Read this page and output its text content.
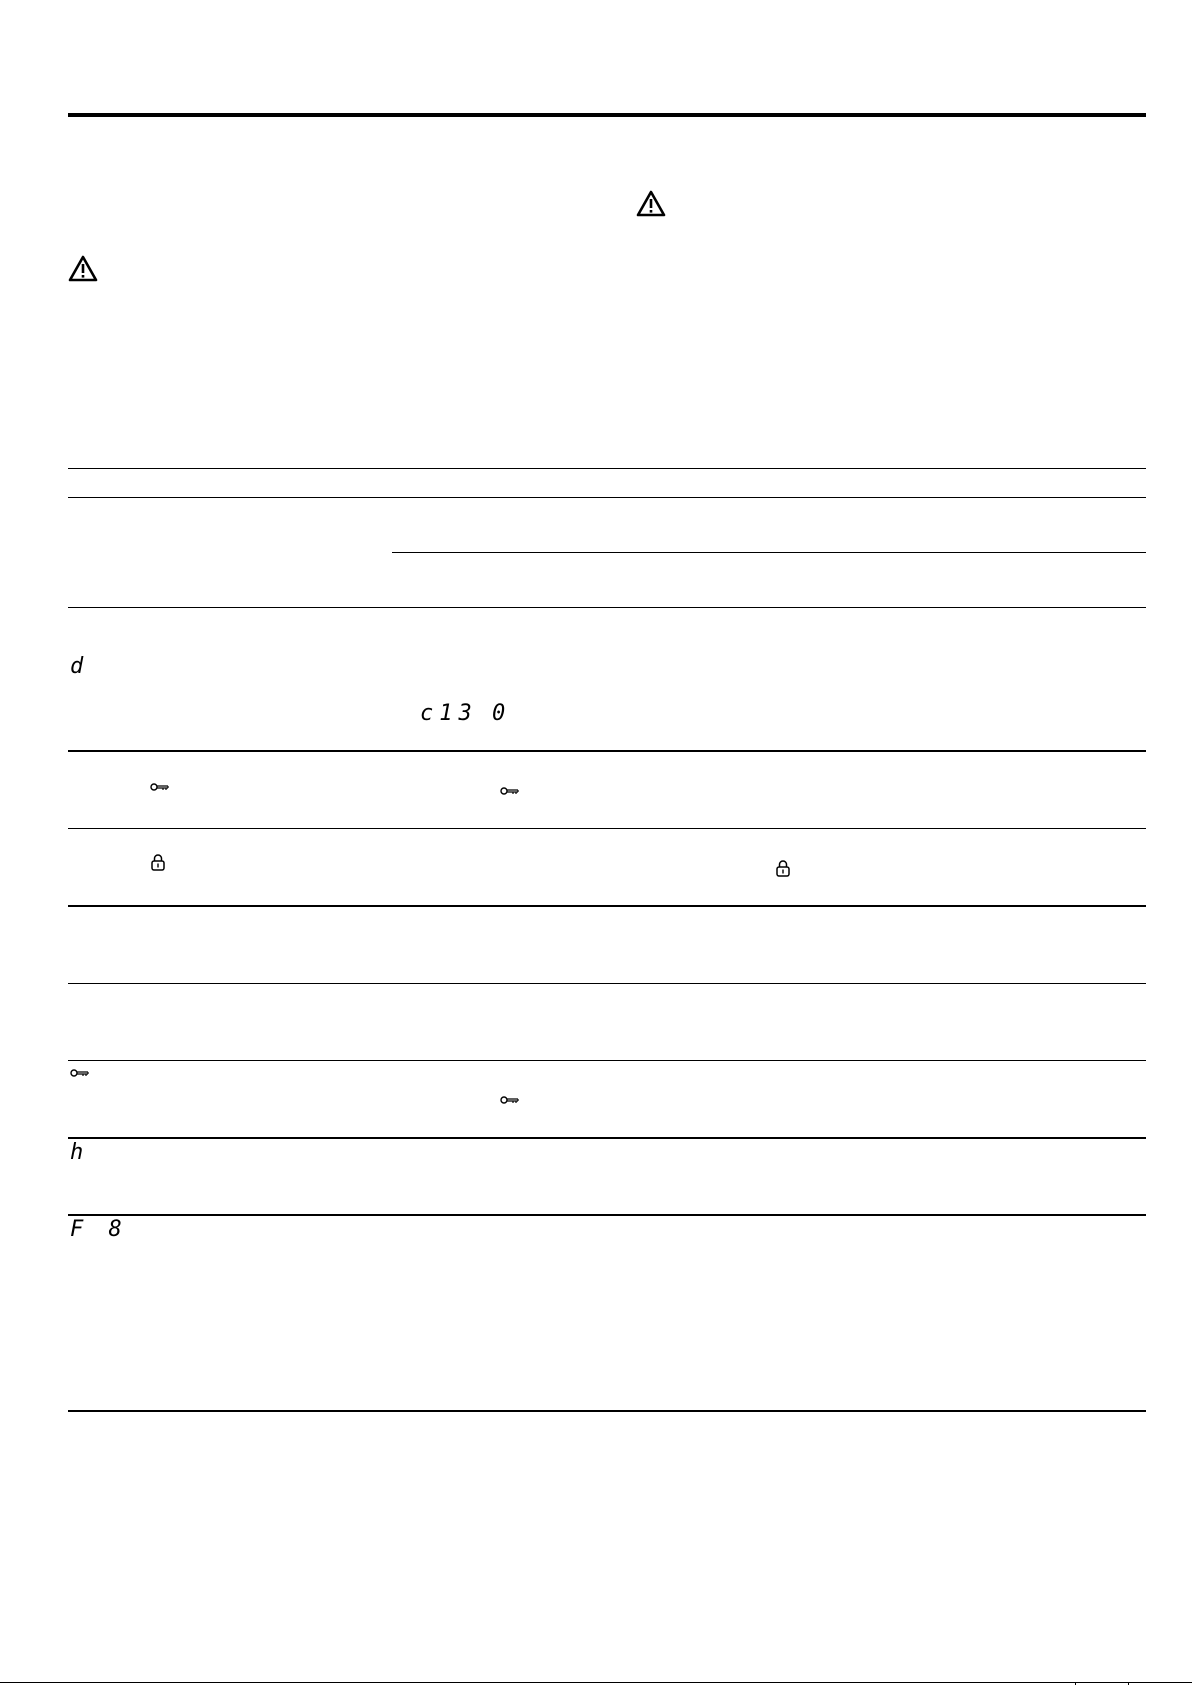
d
c13 0
h
F 8
